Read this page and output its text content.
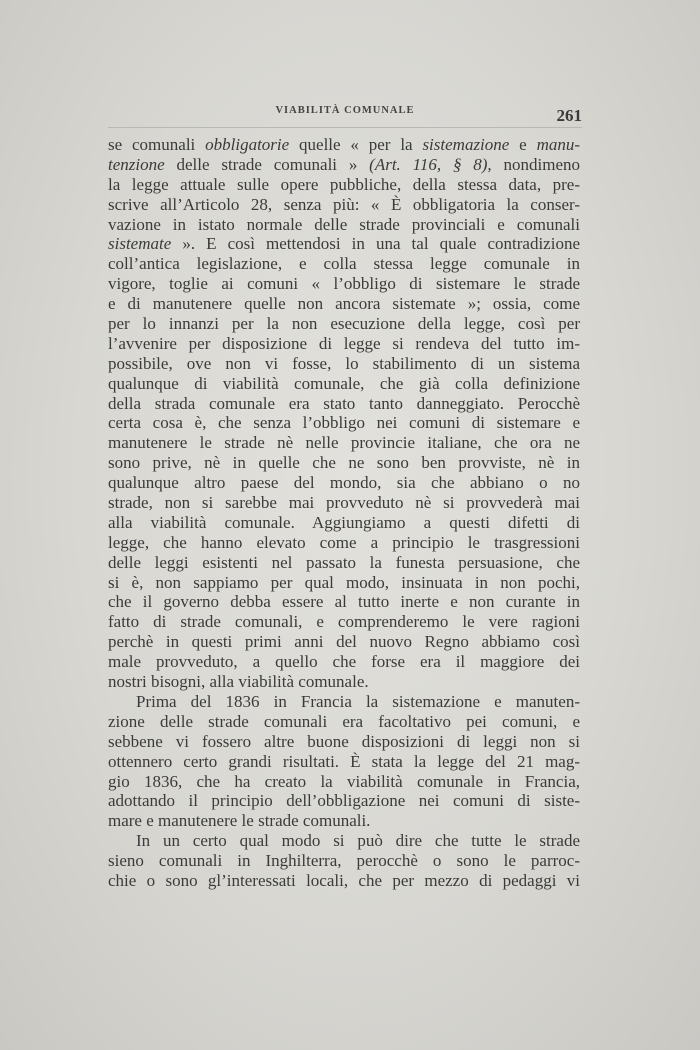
VIABILITÀ COMUNALE	261
se comunali obbligatorie quelle « per la sistemazione e manu-
tenzione delle strade comunali » (Art. 116, § 8), nondimeno
la legge attuale sulle opere pubbliche, della stessa data, pre-
scrive all’Articolo 28, senza più: « È obbligatoria la conser-
vazione in istato normale delle strade provinciali e comunali
sistemate ». E così mettendosi in una tal quale contradizione
coll’antica legislazione, e colla stessa legge comunale in
vigore, toglie ai comuni « l’obbligo di sistemare le strade
e di manutenere quelle non ancora sistemate »; ossia, come
per lo innanzi per la non esecuzione della legge, così per
l’avvenire per disposizione di legge si rendeva del tutto im-
possibile, ove non vi fosse, lo stabilimento di un sistema
qualunque di viabilità comunale, che già colla definizione
della strada comunale era stato tanto danneggiato. Perocchè
certa cosa è, che senza l’obbligo nei comuni di sistemare e
manutenere le strade nè nelle provincie italiane, che ora ne
sono prive, nè in quelle che ne sono ben provviste, nè in
qualunque altro paese del mondo, sia che abbiano o no
strade, non si sarebbe mai provveduto nè si provvederà mai
alla viabilità comunale. Aggiungiamo a questi difetti di
legge, che hanno elevato come a principio le trasgressioni
delle leggi esistenti nel passato la funesta persuasione, che
si è, non sappiamo per qual modo, insinuata in non pochi,
che il governo debba essere al tutto inerte e non curante in
fatto di strade comunali, e comprenderemo le vere ragioni
perchè in questi primi anni del nuovo Regno abbiamo così
male provveduto, a quello che forse era il maggiore dei
nostri bisogni, alla viabilità comunale.
Prima del 1836 in Francia la sistemazione e manuten-
zione delle strade comunali era facoltativo pei comuni, e
sebbene vi fossero altre buone disposizioni di leggi non si
ottennero certo grandi risultati. È stata la legge del 21 mag-
gio 1836, che ha creato la viabilità comunale in Francia,
adottando il principio dell’obbligazione nei comuni di siste-
mare e manutenere le strade comunali.
In un certo qual modo si può dire che tutte le strade
sieno comunali in Inghilterra, perocchè o sono le parroc-
chie o sono gl’interessati locali, che per mezzo di pedaggi vi
